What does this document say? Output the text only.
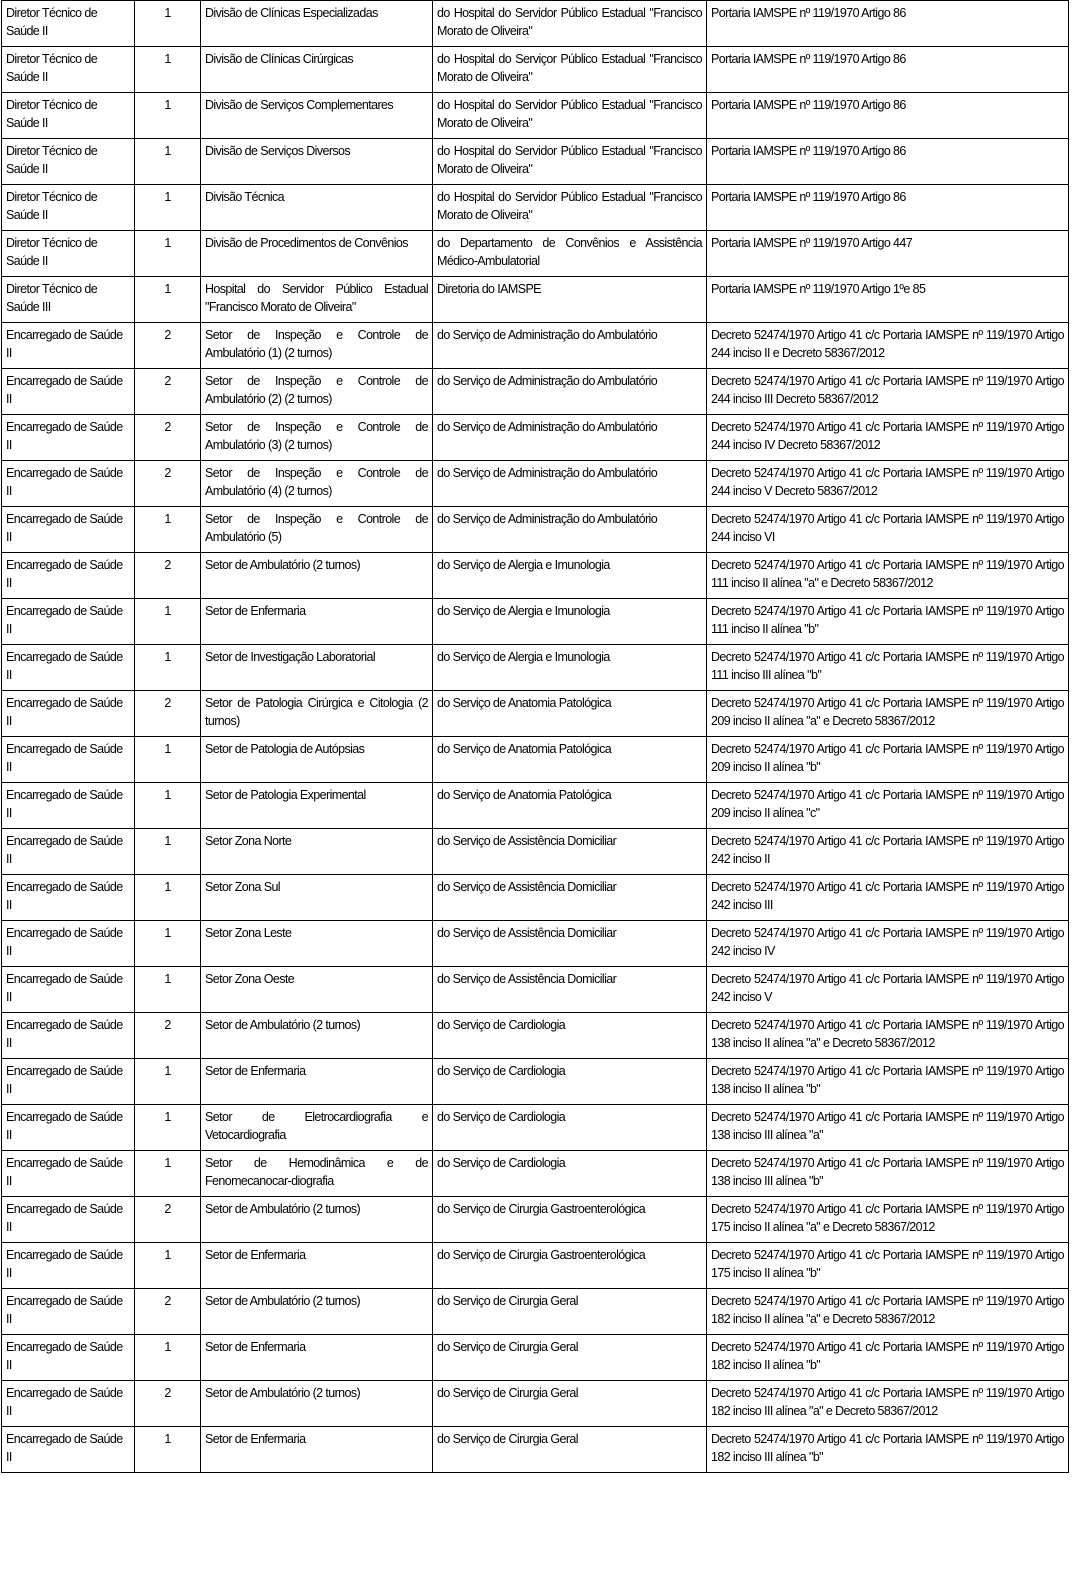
Diretor Técnico de Saúde II	1	Divisão de Clínicas Especializadas	do Hospital do Servidor Público Estadual "Francisco Morato de Oliveira"	Portaria IAMSPE nº 119/1970 Artigo 86
Diretor Técnico de Saúde II	1	Divisão de Clínicas Cirúrgicas	do Hospital do Serviçor Público Estadual "Francisco Morato de Oliveira"	Portaria IAMSPE nº 119/1970 Artigo 86
Diretor Técnico de Saúde II	1	Divisão de Serviços Complementares	do Hospital do Servidor Público Estadual "Francisco Morato de Oliveira"	Portaria IAMSPE nº 119/1970 Artigo 86
Diretor Técnico de Saúde II	1	Divisão de Serviços Diversos	do Hospital do Servidor Público Estadual "Francisco Morato de Oliveira"	Portaria IAMSPE nº 119/1970 Artigo 86
Diretor Técnico de Saúde II	1	Divisão Técnica	do Hospital do Servidor Público Estadual "Francisco Morato de Oliveira"	Portaria IAMSPE nº 119/1970 Artigo 86
Diretor Técnico de Saúde II	1	Divisão de Procedimentos de Convênios	do Departamento de Convênios e Assistência Médico-Ambulatorial	Portaria IAMSPE nº 119/1970 Artigo 447
Diretor Técnico de Saúde III	1	Hospital do Servidor Público Estadual "Francisco Morato de Oliveira"	Diretoria do IAMSPE	Portaria IAMSPE nº 119/1970 Artigo 1ºe 85
Encarregado de Saúde II	2	Setor de Inspeção e Controle de Ambulatório (1) (2 turnos)	do Serviço de Administração do Ambulatório	Decreto 52474/1970 Artigo 41 c/c Portaria IAMSPE nº 119/1970 Artigo 244 inciso II e Decreto 58367/2012
Encarregado de Saúde II	2	Setor de Inspeção e Controle de Ambulatório (2) (2 turnos)	do Serviço de Administração do Ambulatório	Decreto 52474/1970 Artigo 41 c/c Portaria IAMSPE nº 119/1970 Artigo 244 inciso III Decreto 58367/2012
Encarregado de Saúde II	2	Setor de Inspeção e Controle de Ambulatório (3) (2 turnos)	do Serviço de Administração do Ambulatório	Decreto 52474/1970 Artigo 41 c/c Portaria IAMSPE nº 119/1970 Artigo 244 inciso IV Decreto 58367/2012
Encarregado de Saúde II	2	Setor de Inspeção e Controle de Ambulatório (4) (2 turnos)	do Serviço de Administração do Ambulatório	Decreto 52474/1970 Artigo 41 c/c Portaria IAMSPE nº 119/1970 Artigo 244 inciso V Decreto 58367/2012
Encarregado de Saúde II	1	Setor de Inspeção e Controle de Ambulatório (5)	do Serviço de Administração do Ambulatório	Decreto 52474/1970 Artigo 41 c/c Portaria IAMSPE nº 119/1970 Artigo 244 inciso VI
Encarregado de Saúde II	2	Setor de Ambulatório (2 turnos)	do Serviço de Alergia e Imunologia	Decreto 52474/1970 Artigo 41 c/c Portaria IAMSPE nº 119/1970 Artigo 111 inciso II alínea "a" e Decreto 58367/2012
Encarregado de Saúde II	1	Setor de Enfermaria	do Serviço de Alergia e Imunologia	Decreto 52474/1970 Artigo 41 c/c Portaria IAMSPE nº 119/1970 Artigo 111 inciso II alínea "b"
Encarregado de Saúde II	1	Setor de Investigação Laboratorial	do Serviço de Alergia e Imunologia	Decreto 52474/1970 Artigo 41 c/c Portaria IAMSPE nº 119/1970 Artigo 111 inciso III alínea "b"
Encarregado de Saúde II	2	Setor de Patologia Cirúrgica e Citologia (2 turnos)	do Serviço de Anatomia Patológica	Decreto 52474/1970 Artigo 41 c/c Portaria IAMSPE nº 119/1970 Artigo 209 inciso II alínea "a" e Decreto 58367/2012
Encarregado de Saúde II	1	Setor de Patologia de Autópsias	do Serviço de Anatomia Patológica	Decreto 52474/1970 Artigo 41 c/c Portaria IAMSPE nº 119/1970 Artigo 209 inciso II alínea "b"
Encarregado de Saúde II	1	Setor de Patologia Experimental	do Serviço de Anatomia Patológica	Decreto 52474/1970 Artigo 41 c/c Portaria IAMSPE nº 119/1970 Artigo 209 inciso II alínea "c"
Encarregado de Saúde II	1	Setor Zona Norte	do Serviço de Assistência Domiciliar	Decreto 52474/1970 Artigo 41 c/c Portaria IAMSPE nº 119/1970 Artigo 242 inciso II
Encarregado de Saúde II	1	Setor Zona Sul	do Serviço de Assistência Domiciliar	Decreto 52474/1970 Artigo 41 c/c Portaria IAMSPE nº 119/1970 Artigo 242 inciso III
Encarregado de Saúde II	1	Setor Zona Leste	do Serviço de Assistência Domiciliar	Decreto 52474/1970 Artigo 41 c/c Portaria IAMSPE nº 119/1970 Artigo 242 inciso IV
Encarregado de Saúde II	1	Setor Zona Oeste	do Serviço de Assistência Domiciliar	Decreto 52474/1970 Artigo 41 c/c Portaria IAMSPE nº 119/1970 Artigo 242 inciso V
Encarregado de Saúde II	2	Setor de Ambulatório (2 turnos)	do Serviço de Cardiologia	Decreto 52474/1970 Artigo 41 c/c Portaria IAMSPE nº 119/1970 Artigo 138 inciso II alínea "a" e Decreto 58367/2012
Encarregado de Saúde II	1	Setor de Enfermaria	do Serviço de Cardiologia	Decreto 52474/1970 Artigo 41 c/c Portaria IAMSPE nº 119/1970 Artigo 138 inciso II alínea "b"
Encarregado de Saúde II	1	Setor de Eletrocardiografia e Vetocardiografia	do Serviço de Cardiologia	Decreto 52474/1970 Artigo 41 c/c Portaria IAMSPE nº 119/1970 Artigo 138 inciso III alínea "a"
Encarregado de Saúde II	1	Setor de Hemodinâmica e de Fenomecanocar-diografia	do Serviço de Cardiologia	Decreto 52474/1970 Artigo 41 c/c Portaria IAMSPE nº 119/1970 Artigo 138 inciso III alínea "b"
Encarregado de Saúde II	2	Setor de Ambulatório (2 turnos)	do Serviço de Cirurgia Gastroenterológica	Decreto 52474/1970 Artigo 41 c/c Portaria IAMSPE nº 119/1970 Artigo 175 inciso II alínea "a" e Decreto 58367/2012
Encarregado de Saúde II	1	Setor de Enfermaria	do Serviço de Cirurgia Gastroenterológica	Decreto 52474/1970 Artigo 41 c/c Portaria IAMSPE nº 119/1970 Artigo 175 inciso II alínea "b"
Encarregado de Saúde II	2	Setor de Ambulatório (2 turnos)	do Serviço de Cirurgia Geral	Decreto 52474/1970 Artigo 41 c/c Portaria IAMSPE nº 119/1970 Artigo 182 inciso II alínea "a" e Decreto 58367/2012
Encarregado de Saúde II	1	Setor de Enfermaria	do Serviço de Cirurgia Geral	Decreto 52474/1970 Artigo 41 c/c Portaria IAMSPE nº 119/1970 Artigo 182 inciso II alínea "b"
Encarregado de Saúde II	2	Setor de Ambulatório (2 turnos)	do Serviço de Cirurgia Geral	Decreto 52474/1970 Artigo 41 c/c Portaria IAMSPE nº 119/1970 Artigo 182 inciso III alínea "a" e Decreto 58367/2012
Encarregado de Saúde II	1	Setor de Enfermaria	do Serviço de Cirurgia Geral	Decreto 52474/1970 Artigo 41 c/c Portaria IAMSPE nº 119/1970 Artigo 182 inciso III alínea "b"
